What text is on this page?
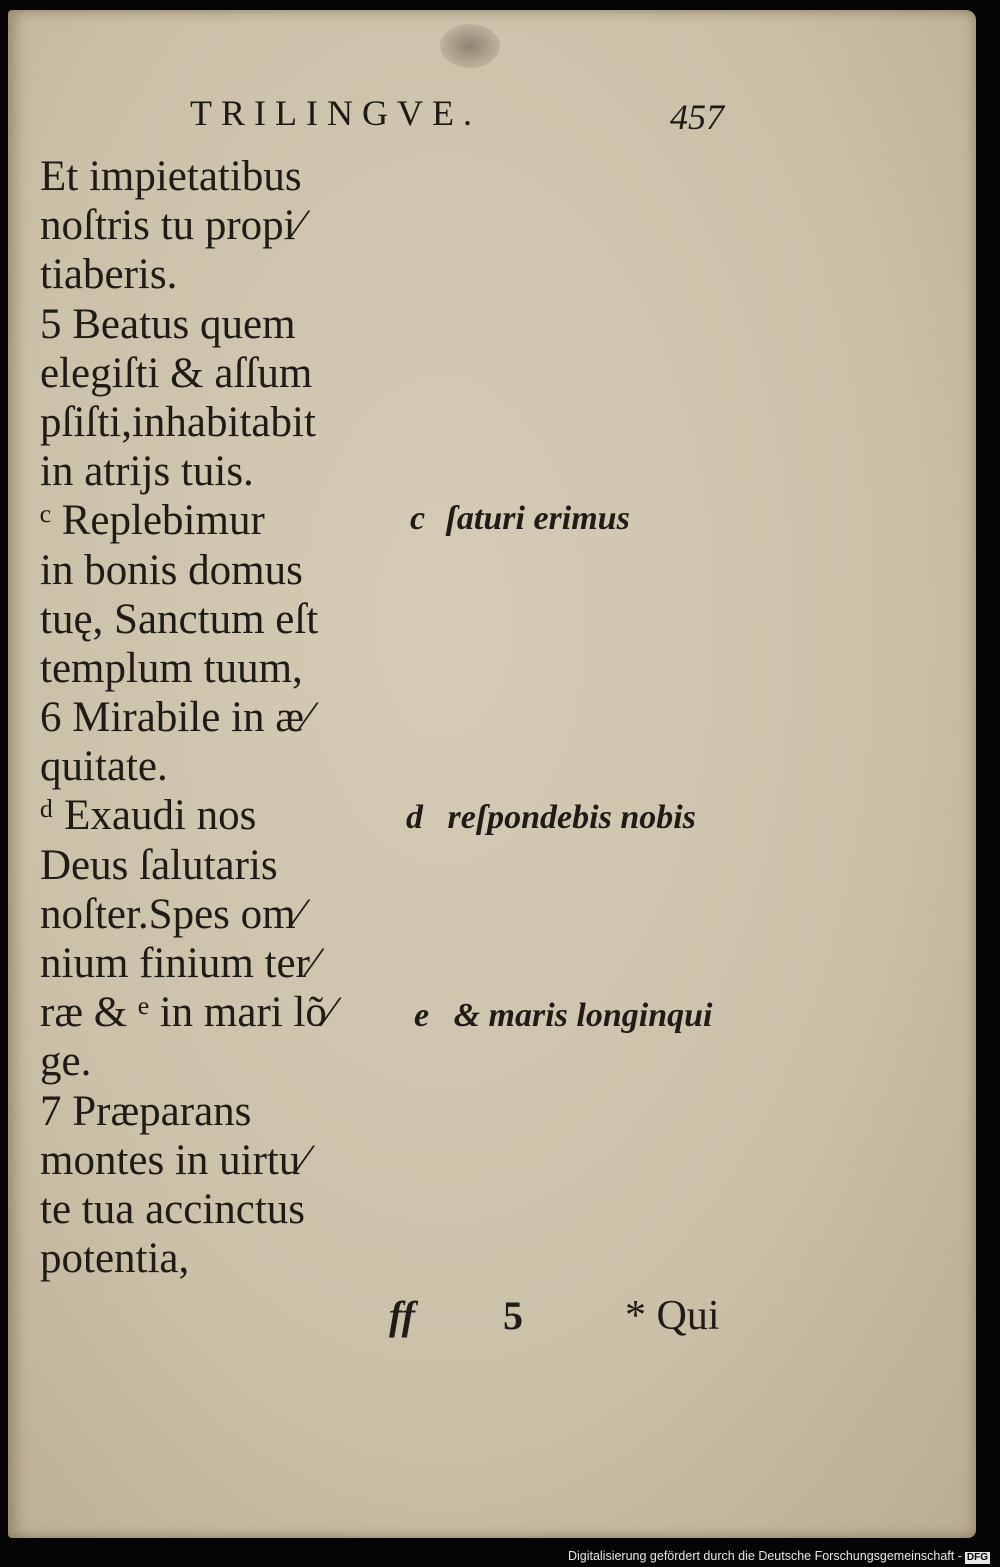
TRILINGVE.	457
Et impietatibus
noſtris tu propi⁄
tiaberis.
5 Beatus quem
elegiſti & aſſum
pſiſti,inhabitabit
in atrijs tuis.
ᶜ Replebimur
in bonis domus
tuę, Sanctum eſt
templum tuum,
6 Mirabile in æ⁄
quitate.
ᵈ Exaudi nos
Deus ſalutaris
noſter.Spes om⁄
nium finium ter⁄
ræ & ᵉ in mari lõ⁄
ge.
7 Præparans
montes in uirtu⁄
te tua accinctus
potentia,
c ſaturi erimus
d reſpondebis nobis
e & maris longinqui
ff 5 * Qui
Digitalisierung gefördert durch die Deutsche Forschungsgemeinschaft - DFG
